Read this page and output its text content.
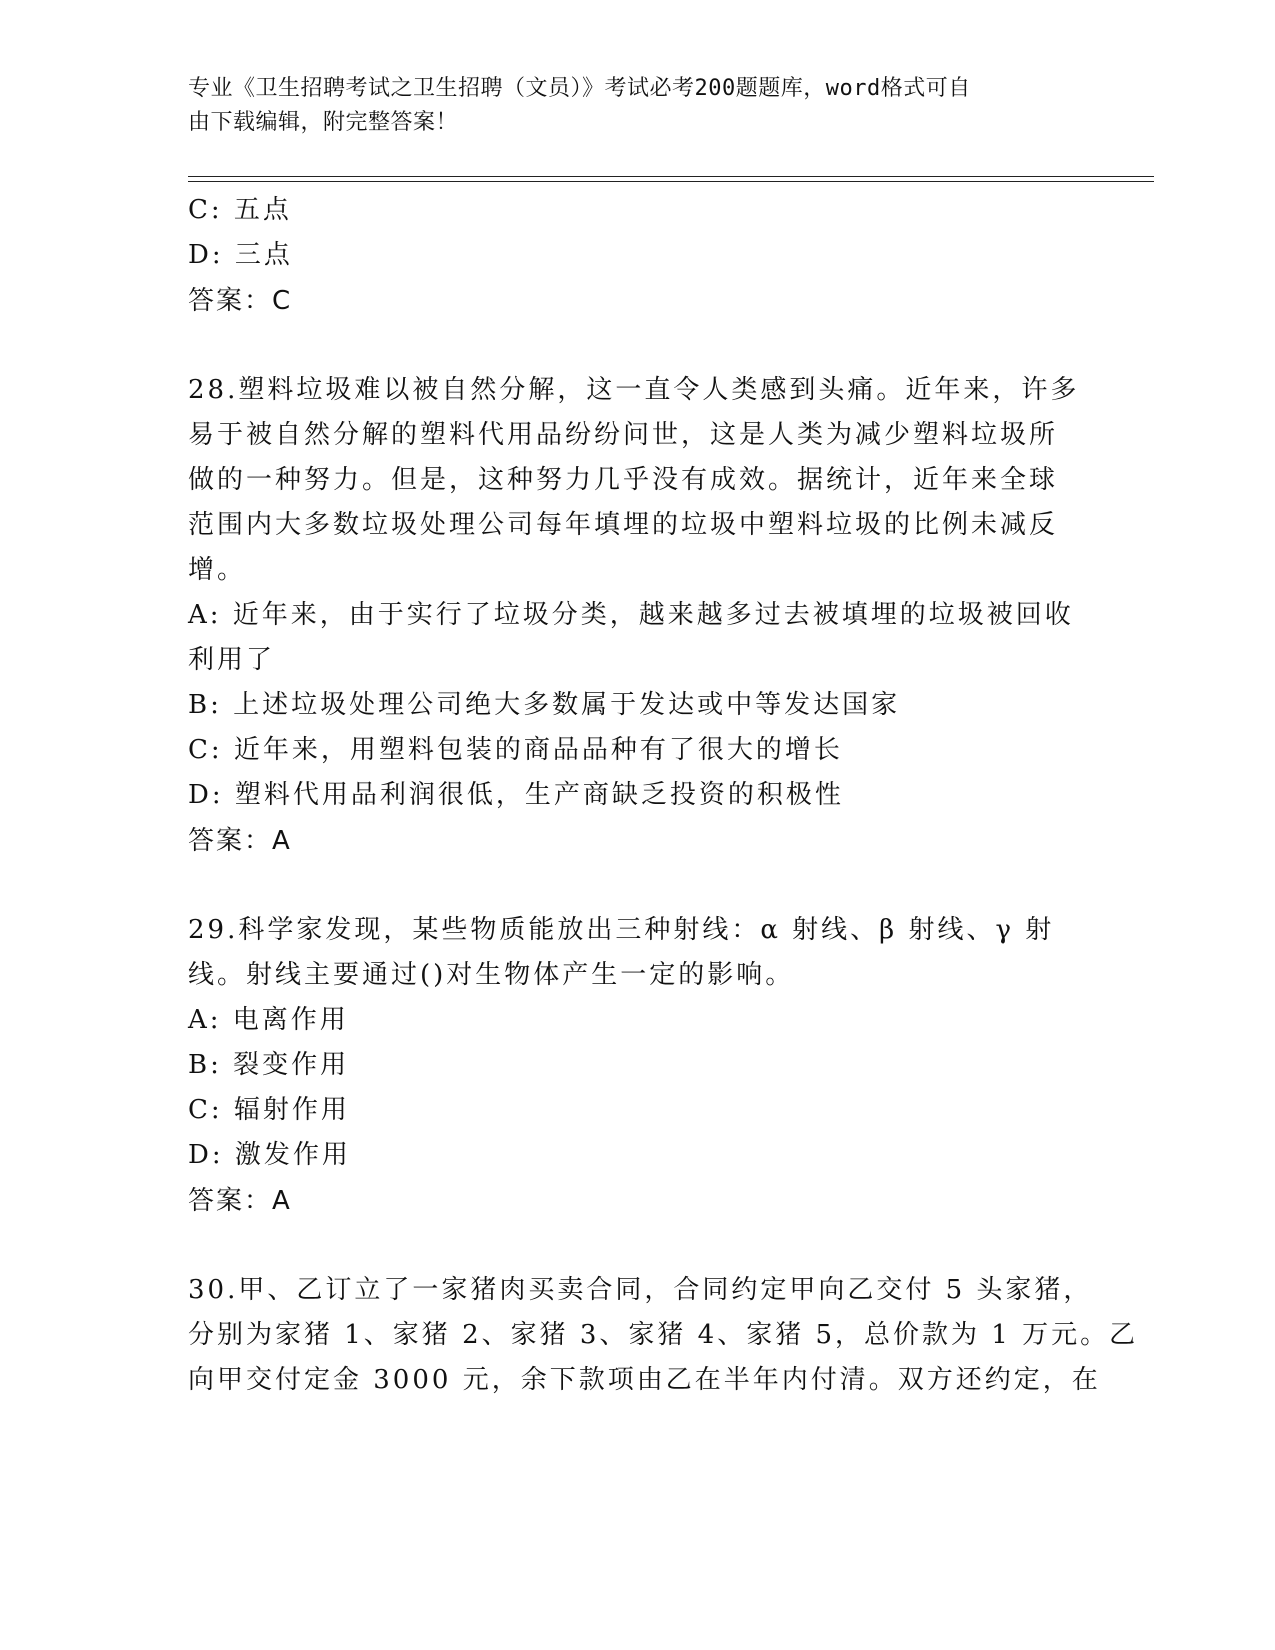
专业《卫生招聘考试之卫生招聘（文员）》考试必考200题题库，word格式可自
由下载编辑，附完整答案！
C: 五点
D: 三点
答案：C
28.塑料垃圾难以被自然分解，这一直令人类感到头痛。近年来，许多
易于被自然分解的塑料代用品纷纷问世，这是人类为减少塑料垃圾所
做的一种努力。但是，这种努力几乎没有成效。据统计，近年来全球
范围内大多数垃圾处理公司每年填埋的垃圾中塑料垃圾的比例未减反
增。
A: 近年来，由于实行了垃圾分类，越来越多过去被填埋的垃圾被回收
利用了
B: 上述垃圾处理公司绝大多数属于发达或中等发达国家
C: 近年来，用塑料包装的商品品种有了很大的增长
D: 塑料代用品利润很低，生产商缺乏投资的积极性
答案：A
29.科学家发现，某些物质能放出三种射线：α 射线、β 射线、γ 射
线。射线主要通过()对生物体产生一定的影响。
A: 电离作用
B: 裂变作用
C: 辐射作用
D: 激发作用
答案：A
30.甲、乙订立了一家猪肉买卖合同，合同约定甲向乙交付 5 头家猪，
分别为家猪 1、家猪 2、家猪 3、家猪 4、家猪 5，总价款为 1 万元。乙
向甲交付定金 3000 元，余下款项由乙在半年内付清。双方还约定，在
